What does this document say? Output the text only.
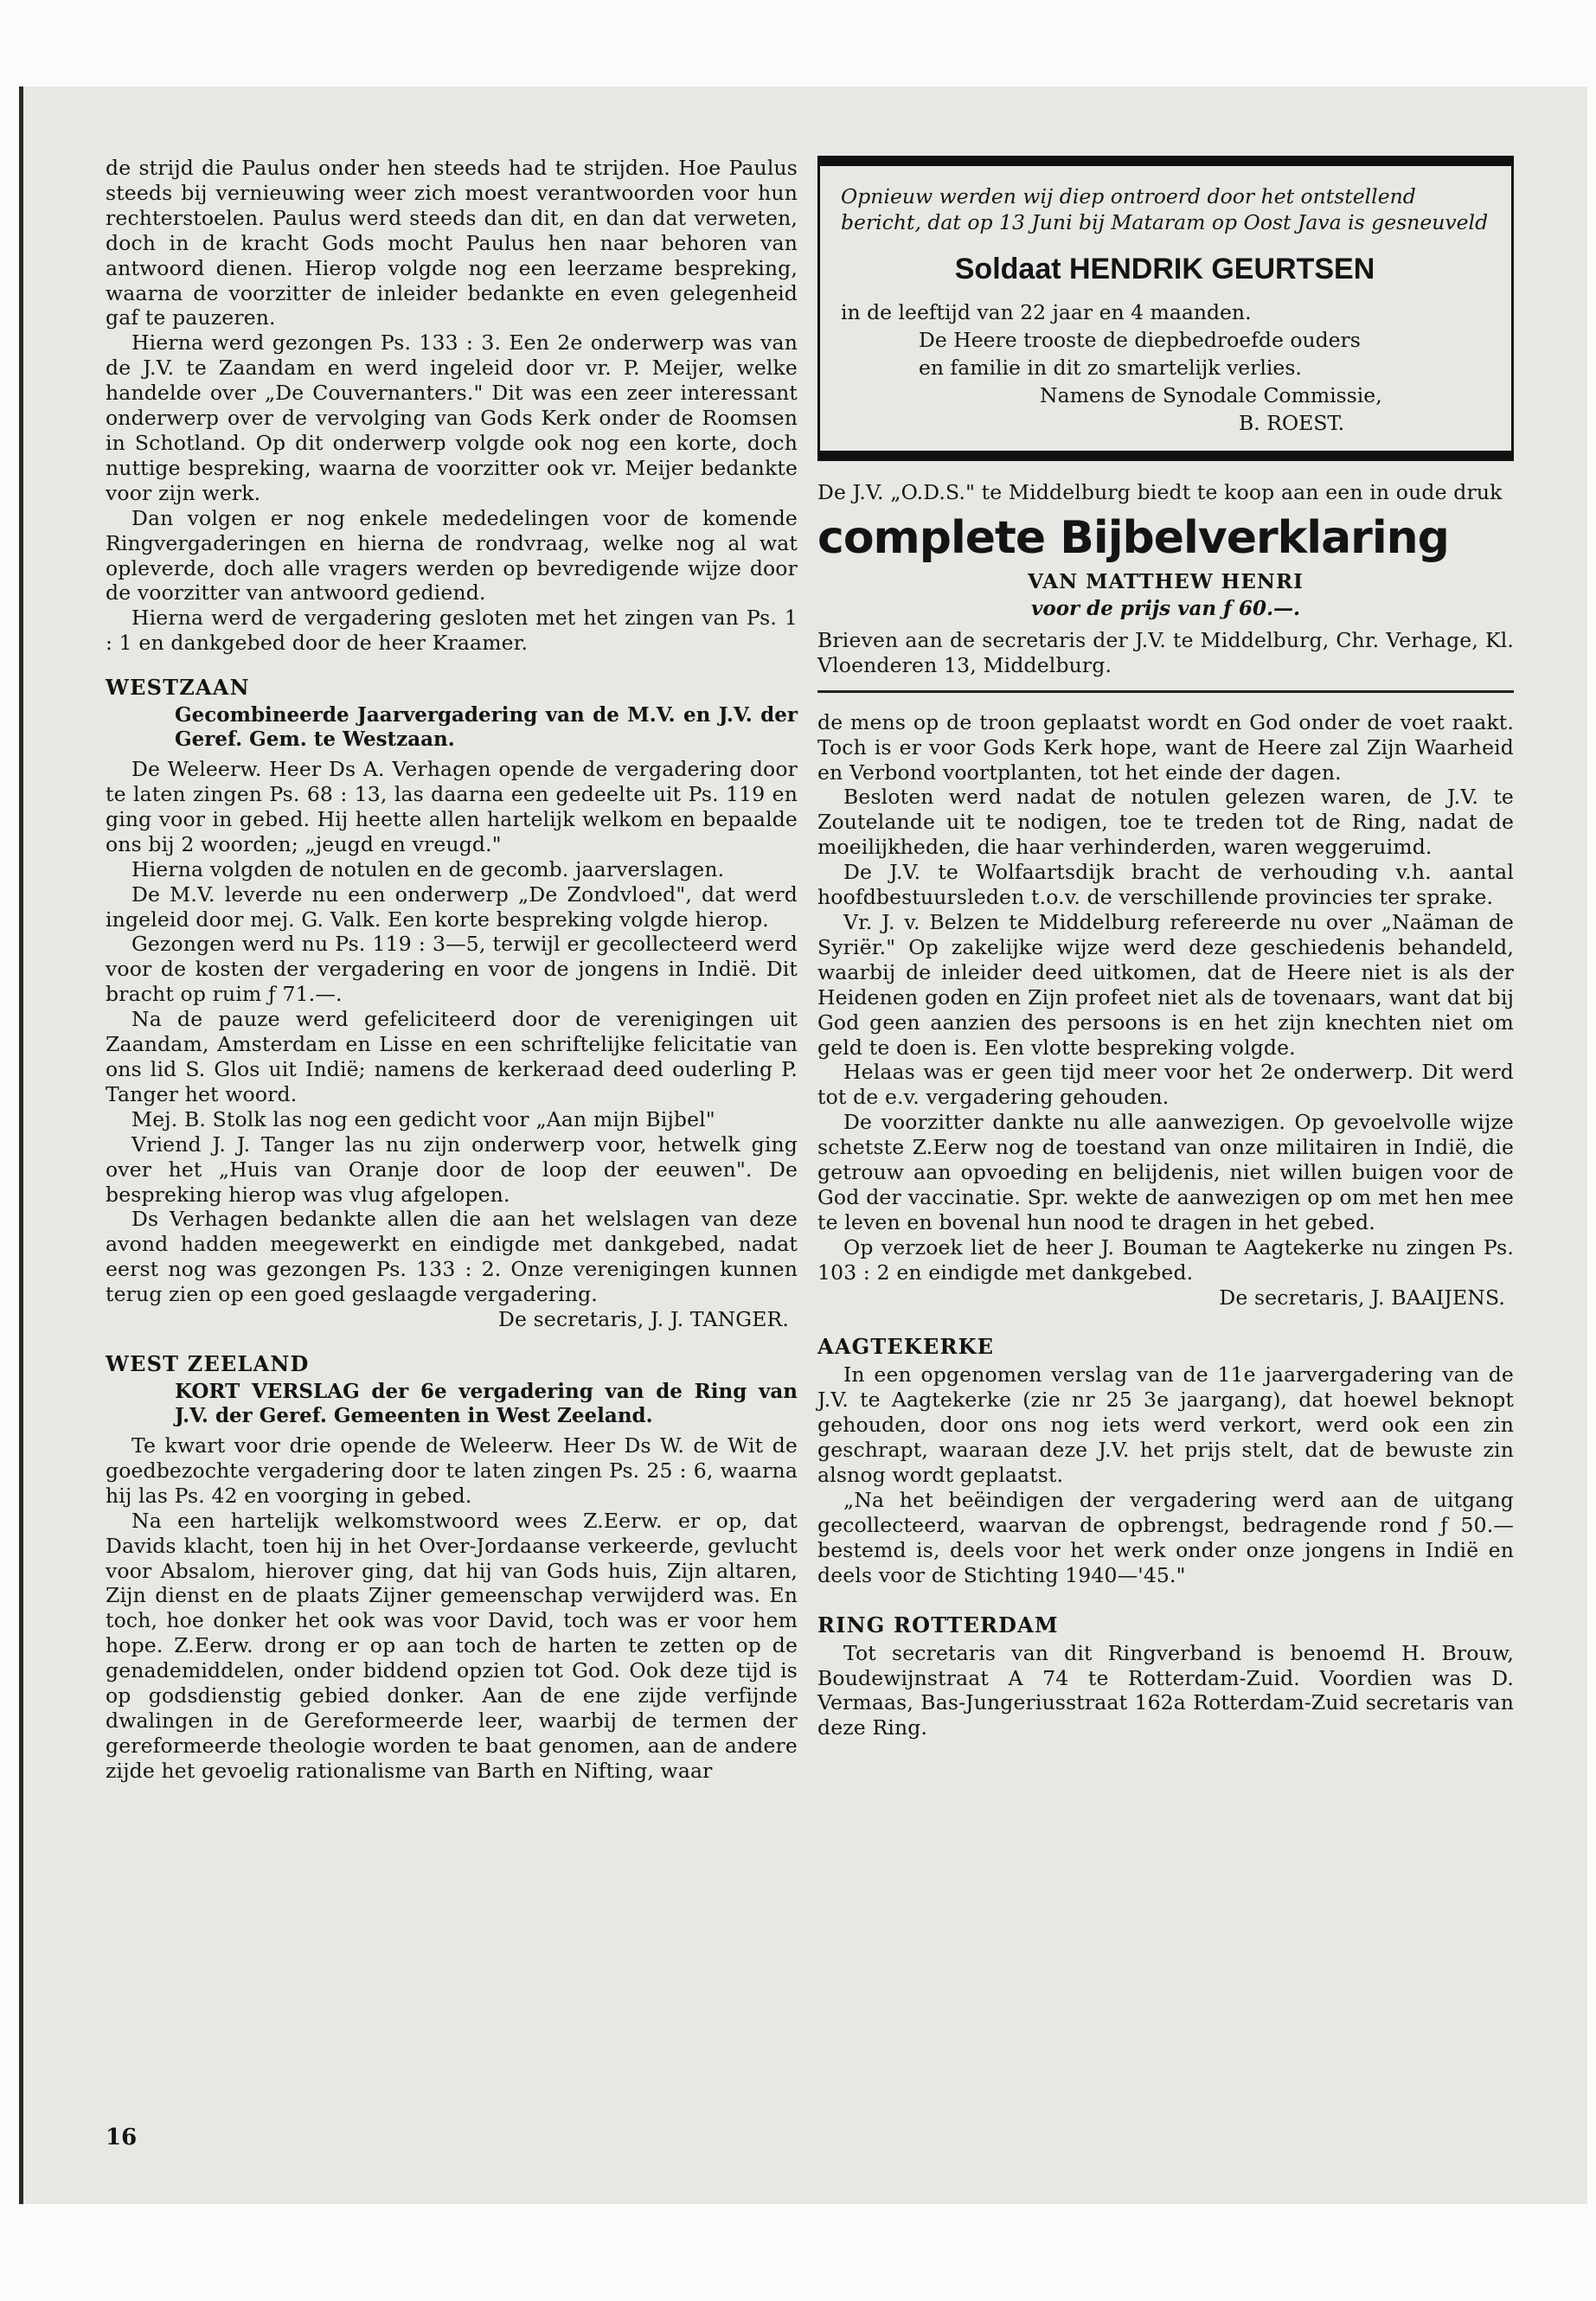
de strijd die Paulus onder hen steeds had te strijden. Hoe Paulus steeds bij vernieuwing weer zich moest verantwoorden voor hun rechterstoelen. Paulus werd steeds dan dit, en dan dat verweten, doch in de kracht Gods mocht Paulus hen naar behoren van antwoord dienen. Hierop volgde nog een leerzame bespreking, waarna de voorzitter de inleider bedankte en even gelegenheid gaf te pauzeren.

Hierna werd gezongen Ps. 133 : 3. Een 2e onderwerp was van de J.V. te Zaandam en werd ingeleid door vr. P. Meijer, welke handelde over „De Couvernanters." Dit was een zeer interessant onderwerp over de vervolging van Gods Kerk onder de Roomsen in Schotland. Op dit onderwerp volgde ook nog een korte, doch nuttige bespreking, waarna de voorzitter ook vr. Meijer bedankte voor zijn werk.

Dan volgen er nog enkele mededelingen voor de komende Ringvergaderingen en hierna de rondvraag, welke nog al wat opleverde, doch alle vragers werden op bevredigende wijze door de voorzitter van antwoord gediend.

Hierna werd de vergadering gesloten met het zingen van Ps. 1 : 1 en dankgebed door de heer Kraamer.

WESTZAAN
Gecombineerde Jaarvergadering van de M.V. en J.V. der Geref. Gem. te Westzaan.

De Weleerw. Heer Ds A. Verhagen opende de vergadering door te laten zingen Ps. 68 : 13, las daarna een gedeelte uit Ps. 119 en ging voor in gebed. Hij heette allen hartelijk welkom en bepaalde ons bij 2 woorden; „jeugd en vreugd."

Hierna volgden de notulen en de gecomb. jaarverslagen.

De M.V. leverde nu een onderwerp „De Zondvloed", dat werd ingeleid door mej. G. Valk. Een korte bespreking volgde hierop.

Gezongen werd nu Ps. 119 : 3—5, terwijl er gecollecteerd werd voor de kosten der vergadering en voor de jongens in Indië. Dit bracht op ruim ƒ 71.—.

Na de pauze werd gefeliciteerd door de verenigingen uit Zaandam, Amsterdam en Lisse en een schriftelijke felicitatie van ons lid S. Glos uit Indië; namens de kerkeraad deed ouderling P. Tanger het woord.

Mej. B. Stolk las nog een gedicht voor „Aan mijn Bijbel"

Vriend J. J. Tanger las nu zijn onderwerp voor, hetwelk ging over het „Huis van Oranje door de loop der eeuwen". De bespreking hierop was vlug afgelopen.

Ds Verhagen bedankte allen die aan het welslagen van deze avond hadden meegewerkt en eindigde met dankgebed, nadat eerst nog was gezongen Ps. 133 : 2. Onze verenigingen kunnen terug zien op een goed geslaagde vergadering.

De secretaris, J. J. TANGER.

WEST ZEELAND
KORT VERSLAG der 6e vergadering van de Ring van J.V. der Geref. Gemeenten in West Zeeland.

Te kwart voor drie opende de Weleerw. Heer Ds W. de Wit de goedbezochte vergadering door te laten zingen Ps. 25 : 6, waarna hij las Ps. 42 en voorging in gebed.

Na een hartelijk welkomstwoord wees Z.Eerw. er op, dat Davids klacht, toen hij in het Over-Jordaanse verkeerde, gevlucht voor Absalom, hierover ging, dat hij van Gods huis, Zijn altaren, Zijn dienst en de plaats Zijner gemeenschap verwijderd was. En toch, hoe donker het ook was voor David, toch was er voor hem hope. Z.Eerw. drong er op aan toch de harten te zetten op de genademiddelen, onder biddend opzien tot God. Ook deze tijd is op godsdienstig gebied donker. Aan de ene zijde verfijnde dwalingen in de Gereformeerde leer, waarbij de termen der gereformeerde theologie worden te baat genomen, aan de andere zijde het gevoelig rationalisme van Barth en Nifting, waar

Opnieuw werden wij diep ontroerd door het ontstellend bericht, dat op 13 Juni bij Mataram op Oost Java is gesneuveld
Soldaat HENDRIK GEURTSEN
in de leeftijd van 22 jaar en 4 maanden.
De Heere trooste de diepbedroefde ouders
en familie in dit zo smartelijk verlies.
Namens de Synodale Commissie,
B. ROEST.

De J.V. „O.D.S." te Middelburg biedt te koop aan een in oude druk

complete Bijbelverklaring
VAN MATTHEW HENRI
voor de prijs van ƒ 60.—.

Brieven aan de secretaris der J.V. te Middelburg, Chr. Verhage, Kl. Vloenderen 13, Middelburg.

de mens op de troon geplaatst wordt en God onder de voet raakt. Toch is er voor Gods Kerk hope, want de Heere zal Zijn Waarheid en Verbond voortplanten, tot het einde der dagen.

Besloten werd nadat de notulen gelezen waren, de J.V. te Zoutelande uit te nodigen, toe te treden tot de Ring, nadat de moeilijkheden, die haar verhinderden, waren weggeruimd.

De J.V. te Wolfaartsdijk bracht de verhouding v.h. aantal hoofdbestuursleden t.o.v. de verschillende provincies ter sprake.

Vr. J. v. Belzen te Middelburg refereerde nu over „Naäman de Syriër." Op zakelijke wijze werd deze geschiedenis behandeld, waarbij de inleider deed uitkomen, dat de Heere niet is als der Heidenen goden en Zijn profeet niet als de tovenaars, want dat bij God geen aanzien des persoons is en het zijn knechten niet om geld te doen is. Een vlotte bespreking volgde.

Helaas was er geen tijd meer voor het 2e onderwerp. Dit werd tot de e.v. vergadering gehouden.

De voorzitter dankte nu alle aanwezigen. Op gevoelvolle wijze schetste Z.Eerw nog de toestand van onze militairen in Indië, die getrouw aan opvoeding en belijdenis, niet willen buigen voor de God der vaccinatie. Spr. wekte de aanwezigen op om met hen mee te leven en bovenal hun nood te dragen in het gebed.

Op verzoek liet de heer J. Bouman te Aagtekerke nu zingen Ps. 103 : 2 en eindigde met dankgebed.

De secretaris, J. BAAIJENS.

AAGTEKERKE

In een opgenomen verslag van de 11e jaarvergadering van de J.V. te Aagtekerke (zie nr 25 3e jaargang), dat hoewel beknopt gehouden, door ons nog iets werd verkort, werd ook een zin geschrapt, waaraan deze J.V. het prijs stelt, dat de bewuste zin alsnog wordt geplaatst.

„Na het beëindigen der vergadering werd aan de uitgang gecollecteerd, waarvan de opbrengst, bedragende rond ƒ 50.— bestemd is, deels voor het werk onder onze jongens in Indië en deels voor de Stichting 1940—'45."

RING ROTTERDAM

Tot secretaris van dit Ringverband is benoemd H. Brouw, Boudewijnstraat A 74 te Rotterdam-Zuid. Voordien was D. Vermaas, Bas-Jungeriusstraat 162a Rotterdam-Zuid secretaris van deze Ring.

16
